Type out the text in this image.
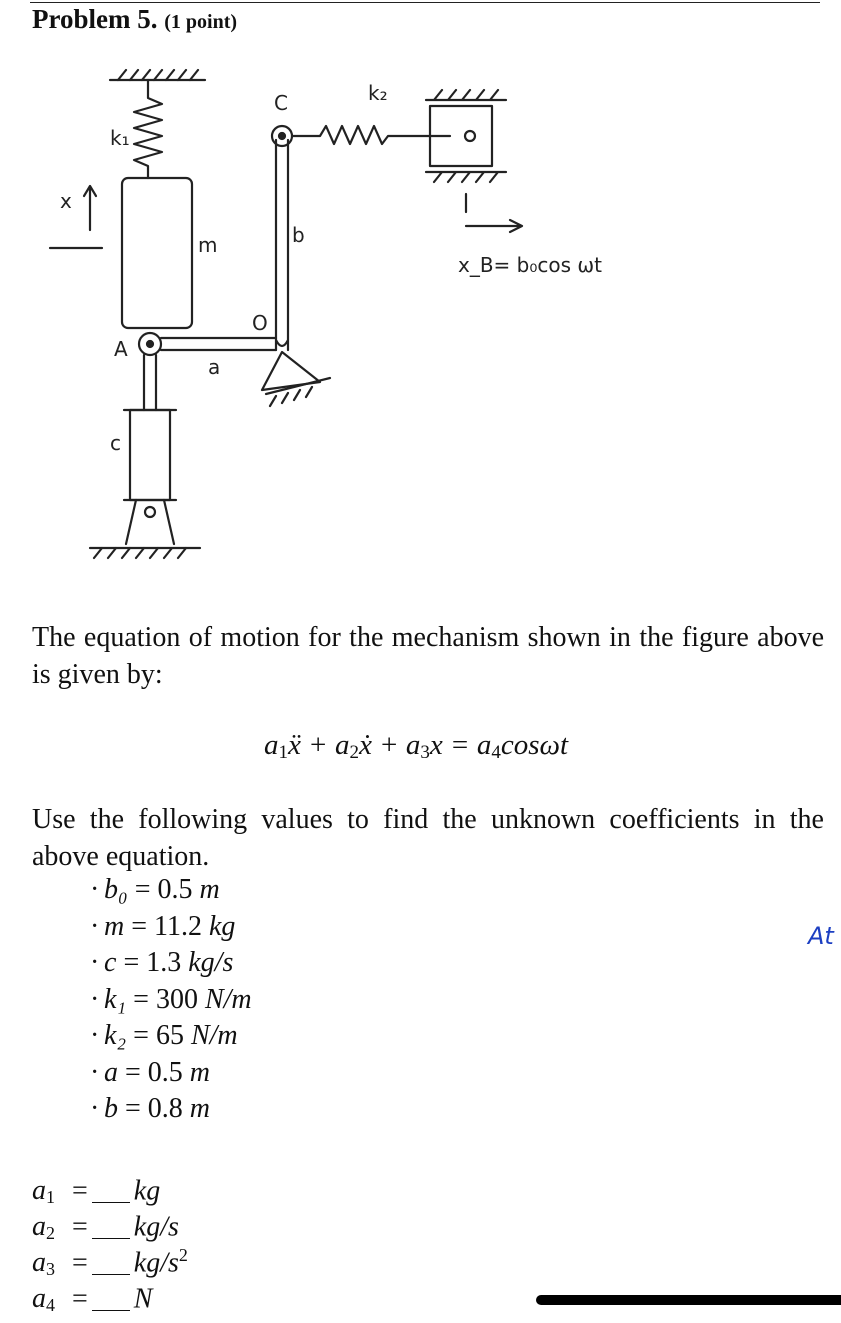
Problem 5. (1 point)
k₁
m
x
A
a
b
O
C	k₂
x_B= b₀cos ωt
c
The equation of motion for the mechanism shown in the figure above is given by:
$a_1ẍ$ + $a_2ẋ + a_3x = a_4\cos\omega t$
Use the following values to find the unknown coefficients in the above equation.
· b₀ = 0.5 m
· m = 11.2 kg
· c = 1.3 kg/s
· k₁ = 300 N/m
· k₂ = 65 N/m
· a = 0.5 m
· b = 0.8 m
At
$a_1$ = kg
$a_2 = kg/s$
$a_3 = kg/s^2$
$a_4 = N$
